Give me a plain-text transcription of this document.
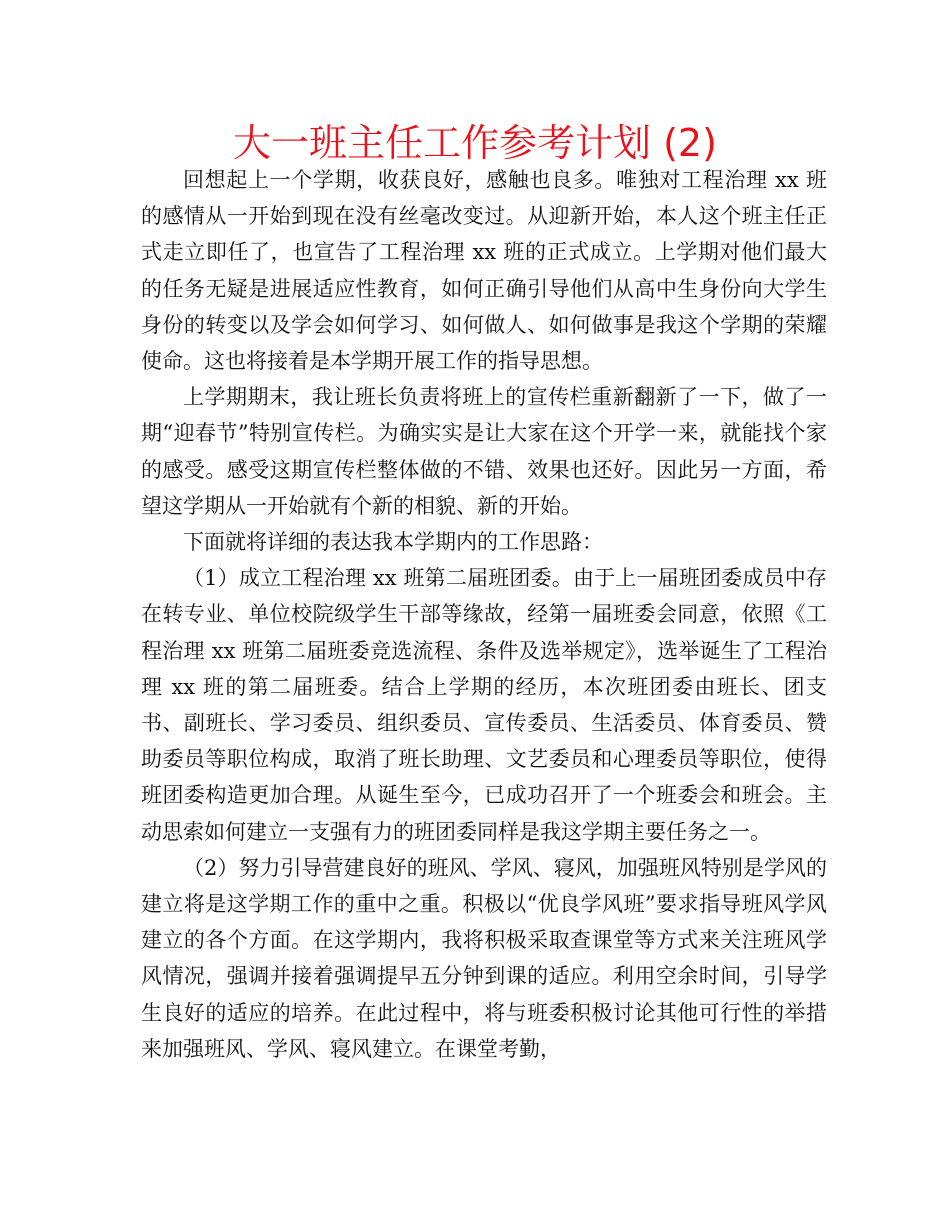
大一班主任工作参考计划 (2)

回想起上一个学期，收获良好，感触也良多。唯独对工程治理 xx 班的感情从一开始到现在没有丝毫改变过。从迎新开始，本人这个班主任正式走立即任了，也宣告了工程治理 xx 班的正式成立。上学期对他们最大的任务无疑是进展适应性教育，如何正确引导他们从高中生身份向大学生身份的转变以及学会如何学习、如何做人、如何做事是我这个学期的荣耀使命。这也将接着是本学期开展工作的指导思想。

上学期期末，我让班长负责将班上的宣传栏重新翻新了一下，做了一期“迎春节”特别宣传栏。为确实实是让大家在这个开学一来，就能找个家的感受。感受这期宣传栏整体做的不错、效果也还好。因此另一方面，希望这学期从一开始就有个新的相貌、新的开始。

下面就将详细的表达我本学期内的工作思路：

（1）成立工程治理 xx 班第二届班团委。由于上一届班团委成员中存在转专业、单位校院级学生干部等缘故，经第一届班委会同意，依照《工程治理 xx 班第二届班委竞选流程、条件及选举规定》，选举诞生了工程治理 xx 班的第二届班委。结合上学期的经历，本次班团委由班长、团支书、副班长、学习委员、组织委员、宣传委员、生活委员、体育委员、赞助委员等职位构成，取消了班长助理、文艺委员和心理委员等职位，使得班团委构造更加合理。从诞生至今，已成功召开了一个班委会和班会。主动思索如何建立一支强有力的班团委同样是我这学期主要任务之一。

（2）努力引导营建良好的班风、学风、寝风，加强班风特别是学风的建立将是这学期工作的重中之重。积极以“优良学风班”要求指导班风学风建立的各个方面。在这学期内，我将积极采取查课堂等方式来关注班风学风情况，强调并接着强调提早五分钟到课的适应。利用空余时间，引导学生良好的适应的培养。在此过程中，将与班委积极讨论其他可行性的举措来加强班风、学风、寝风建立。在课堂考勤，
